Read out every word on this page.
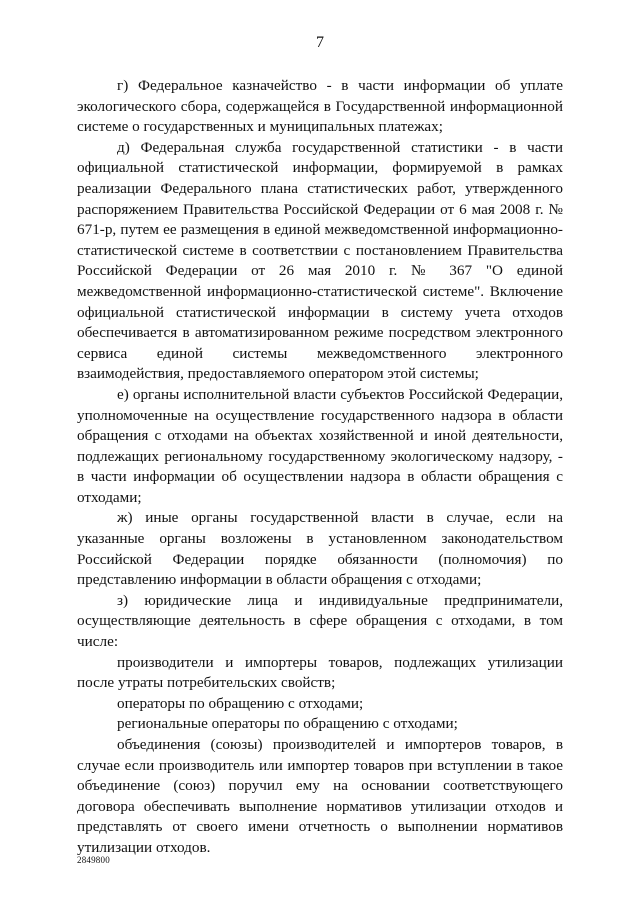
7

г) Федеральное казначейство - в части информации об уплате экологического сбора, содержащейся в Государственной информационной системе о государственных и муниципальных платежах;

д) Федеральная служба государственной статистики - в части официальной статистической информации, формируемой в рамках реализации Федерального плана статистических работ, утвержденного распоряжением Правительства Российской Федерации от 6 мая 2008 г. № 671-р, путем ее размещения в единой межведомственной информационно-статистической системе в соответствии с постановлением Правительства Российской Федерации от 26 мая 2010 г. № 367 "О единой межведомственной информационно-статистической системе". Включение официальной статистической информации в систему учета отходов обеспечивается в автоматизированном режиме посредством электронного сервиса единой системы межведомственного электронного взаимодействия, предоставляемого оператором этой системы;

е) органы исполнительной власти субъектов Российской Федерации, уполномоченные на осуществление государственного надзора в области обращения с отходами на объектах хозяйственной и иной деятельности, подлежащих региональному государственному экологическому надзору, - в части информации об осуществлении надзора в области обращения с отходами;

ж) иные органы государственной власти в случае, если на указанные органы возложены в установленном законодательством Российской Федерации порядке обязанности (полномочия) по представлению информации в области обращения с отходами;

з) юридические лица и индивидуальные предприниматели, осуществляющие деятельность в сфере обращения с отходами, в том числе:

производители и импортеры товаров, подлежащих утилизации после утраты потребительских свойств;

операторы по обращению с отходами;

региональные операторы по обращению с отходами;

объединения (союзы) производителей и импортеров товаров, в случае если производитель или импортер товаров при вступлении в такое объединение (союз) поручил ему на основании соответствующего договора обеспечивать выполнение нормативов утилизации отходов и представлять от своего имени отчетность о выполнении нормативов утилизации отходов.

2849800
